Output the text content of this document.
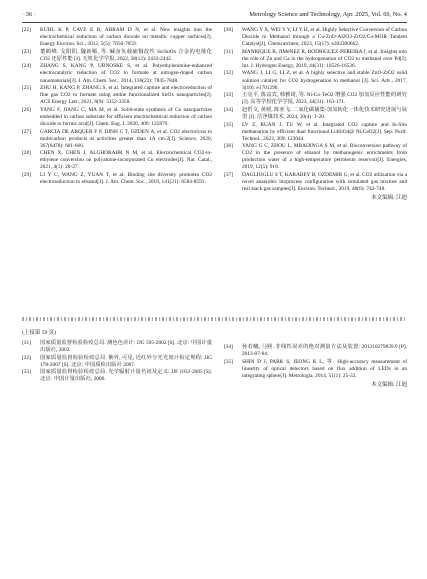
· 36 ·	Metrology Science and Technology, Apr. 2025, Vol. 69, No. 4
[22]	KUHL K P, CAVE E R, ABRAM D N, et al. New insights into the electrochemical reduction of carbon dioxide on metallic copper surfaces[J]. Energy Environ. Sci., 2012, 5(5): 7050-7059.
[23]	董鹤峰, 戈阳阳, 魏新顺, 等. 碱卤负载硫铜改性 Sn/SnOx 合金的电催化 CO2 还原性能 [J]. 无机化学学报, 2022, 38(12): 2433-2442.
[24]	ZHANG S, KANG P, UBNOSKE S, et al. Polyethylenimine-enhanced electrocatalytic reduction of CO2 to formate at nitrogen-doped carbon nanomaterials[J]. J. Am. Chem. Soc., 2014, 136(22): 7845-7848.
[25]	ZHU H, KANG P, ZHANG S, et al. Integrated capture and electroreduction of flue gas CO2 to formate using amine functionalized SnOx nanoparticles[J]. ACS Energy Lett., 2021, 6(9): 3352-3358.
[26]	YANG F, JIANG C, MA M, et al. Solid-state synthesis of Cu nanoparticles embedded in carbon substrate for efficient electrochemical reduction of carbon dioxide to formic acid[J]. Chem. Eng. J. 2020, 400: 125879.
[27]	GARCIA DE ARQUER F P, DINH C T, OZDEN A, et al. CO2 electrolysis to multicarbon products at activities greater than 1A cm-2[J]. Science, 2020, 367(6478): 661-666.
[28]	CHEN X, CHEN J, ALGHORAIBI N M, et al. Electrochemical CO2-to-ethylene conversion on polyamine-incorporated Cu electrodes[J]. Nat. Catal., 2021, 4(1): 20-27.
[29]	LI Y C, WANG Z, YUAN T, et al. Binding site diversity promotes CO2 electroreduction to ethanol[J]. J. Am. Chem. Soc., 2019, 141(21): 8584-8591.
[30]	WANG Y X, WEI Y Y, LI Y H, et al. Highly Selective Conversion of Carbon Dioxide to Methanol through a Cu-ZnO-Al2O3-ZrO2/Cu-MOR Tandem Catalyst[J]. Chemcatchem, 2023, 15(17): e202300662.
[31]	MANRIQUE R, JIMéNEZ R, RODRíGUEZ-PEREIRA J, et al. Insights into the role of Zn and Ga in the hydrogenation of CO2 to methanol over Pd[J]. Int. J. Hydrogen Energy, 2019, 44(31): 16526-16536.
[32]	WANG J, LI G, LI Z, et al. A highly selective and stable ZnO-ZrO2 solid solution catalyst for CO2 hydrogenation to methanol [J]. Sci. Adv., 2017, 3(10): e1701290.
[33]	王亮平, 陈益宾, 韩雅琦, 等. Ni-Co-TeO2 增强 CO2 加氢反应性能的研究 [J]. 高等学校化学学报, 2023, 44(31): 163-171.
[34]	赵忻文, 黄媛, 陈亚飞. 二氧化碳捕集-加氢转化一体化技术研究进展与展望 [J]. 洁净煤技术, 2024, 30(4): 1-20.
[35]	LV Z, RUAN J, TU W, et al. Integrated CO2 capture and In-Situ methanation by efficient dual functional Li4SiO4@ Ni/CeO2[J]. Sep. Purif. Technol., 2023, 309: 123044.
[36]	YANG G C, ZHOU L, MBADINGA S M, et al. Bioconversion pathway of CO2 in the presence of ethanol by methanogenic enrichments from production water of a high-temperature petroleum reservoir[J]. Energies, 2019, 12(5): 918.
[37]	DAGLIOGLU S T, KARABEY B, OZDEMIR G, et al. CO2 utilization via a novel anaerobic bioprocess configuration with simulated gas mixture and real stack gas samples[J]. Environ. Technol., 2019, 40(6): 742-748.
本文编辑: 江迪
(上接第 59 页)
[31]	国家质量监督检验检疫总局. 测色色差计: JJG 595-2002 [S]. 北京: 中国计量出版社, 2002.
[32]	国家质量监督检验检疫总局. 紫外, 可见, 近红外分光光度计检定规程: JJG 178-2007 [S]. 北京: 中国质检出版社 2007.
[33]	国家质量监督检验检疫总局. 光学辐射计量名词及定义: JJF 1032-2005 [S]. 北京: 中国计量出版社, 2006.
[34]	孙若曦, 马熙. 非线性误差的绝对测量方法及装置: 201310279839.9 [P]. 2013-07-04.
[35]	SHIN D J, PARK S, JEONG K L, 等. High-accuracy measurement of linearity of optical detectors based on flux addition of LEDs in an integrating sphere[J]. Metrologia, 2014, 51(1): 25-32.
本文编辑: 江迪
